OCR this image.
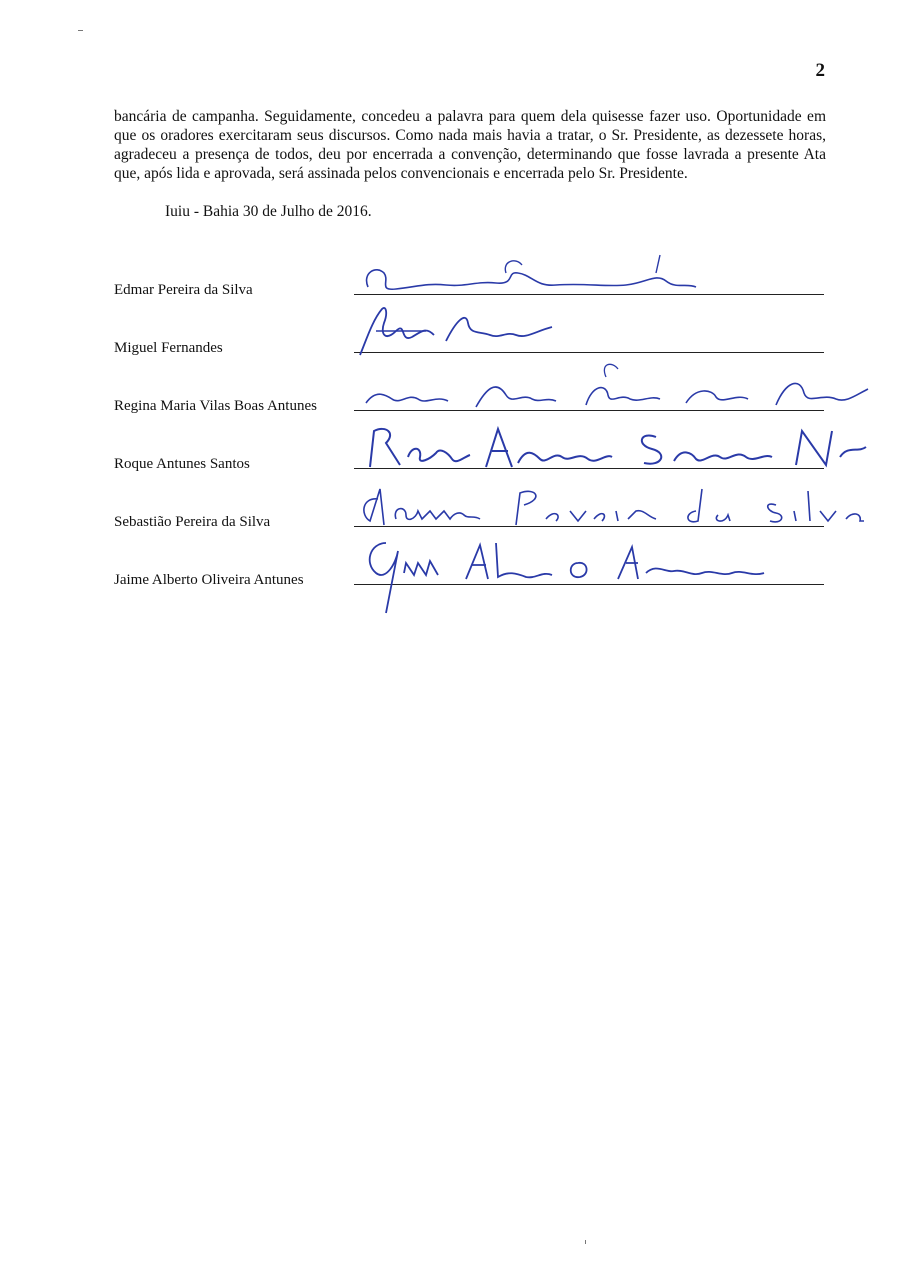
2

bancária de campanha. Seguidamente, concedeu a palavra para quem dela quisesse fazer uso. Oportunidade em que os oradores exercitaram seus discursos. Como nada mais havia a tratar, o Sr. Presidente, as dezessete horas, agradeceu a presença de todos, deu por encerrada a convenção, determinando que fosse lavrada a presente Ata que, após lida e aprovada, será assinada pelos convencionais e encerrada pelo Sr. Presidente.

Iuiu - Bahia 30 de Julho de 2016.
Edmar Pereira da Silva
Miguel Fernandes
Regina Maria Vilas Boas Antunes
Roque Antunes Santos
Sebastião Pereira da Silva
Jaime Alberto Oliveira Antunes
